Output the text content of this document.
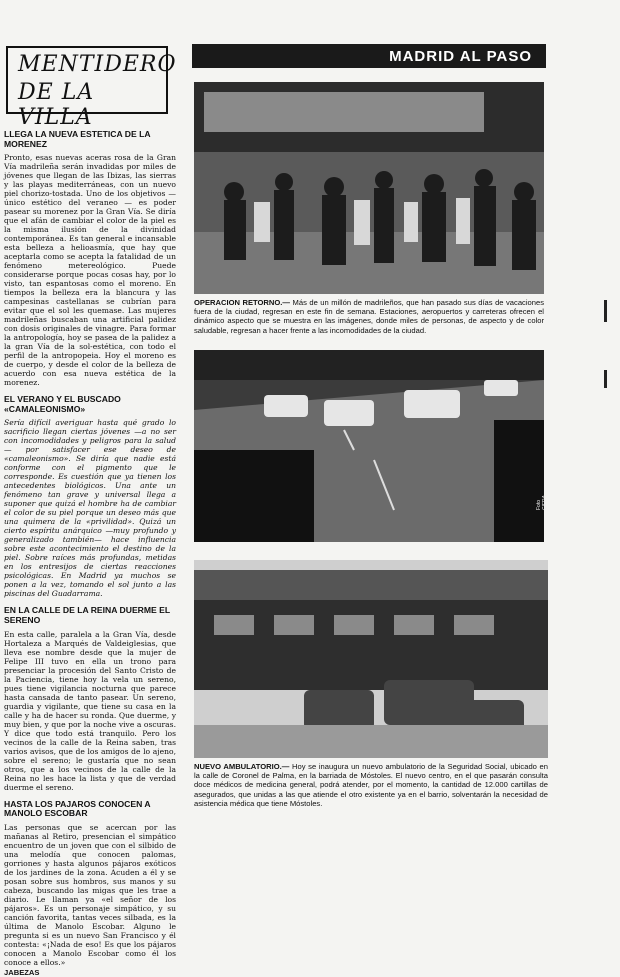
MENTIDERO
DE LA VILLA
LLEGA LA NUEVA ESTETICA DE LA MORENEZ

Pronto, esas nuevas aceras rosa de la Gran Vía madrileña serán invadidas por miles de jóvenes que llegan de las Ibizas, las sierras y las playas mediterráneas, con un nuevo piel chorizo-tostada. Uno de los objetivos — único estético del veraneo — es poder pasear su morenez por la Gran Vía. Se diría que el afán de cambiar el color de la piel es la misma ilusión de la divinidad contemporánea. Es tan general e incansable esta belleza a helioasmía, que hay que aceptarla como se acepta la fatalidad de un fenómeno metereológico. Puede considerarse porque pocas cosas hay, por lo visto, tan espantosas como el moreno. En tiempos la belleza era la blancura y las campesinas castellanas se cubrían para evitar que el sol les quemase. Las mujeres madrileñas buscaban una artificial palidez con dosis originales de vinagre. Para formar la antropología, hoy se pasea de la palidez a la gran Vía de la sol-estética, con todo el perfil de la antropopeia. Hoy el moreno es de cuerpo, y desde el color de la belleza de acuerdo con esa nueva estética de la morenez.

EL VERANO Y EL BUSCADO «CAMALEONISMO»

Sería difícil averiguar hasta qué grado lo sacrificio llegan ciertas jóvenes —a no ser con incomodidades y peligros para la salud— por satisfacer ese deseo de «camaleonismo». Se diría que nadie está conforme con el pigmento que le corresponde. Es cuestión que ya tienen los antecedentes biológicos. Una ante un fenómeno tan grave y universal llega a suponer que quizá el hombre ha de cambiar el color de su piel porque un deseo más que una quimera de la «privilidad». Quizá un cierto espíritu anárquico —muy profundo y generalizado también— hace influencia sobre este acontecimiento el destino de la piel. Sobre raíces más profundas, metidas en los entresijos de ciertas reacciones psicológicas. En Madrid ya muchos se ponen a la vez, tomando el sol junto a las piscinas del Guadarrama.

EN LA CALLE DE LA REINA DUERME EL SERENO

En esta calle, paralela a la Gran Vía, desde Hortaleza a Marqués de Valdeiglesias, que lleva ese nombre desde que la mujer de Felipe III tuvo en ella un trono para presenciar la procesión del Santo Cristo de la Paciencia, tiene hoy la vela un sereno, pues tiene vigilancia nocturna que parece hasta cansada de tanto pasear. Un sereno, guardia y vigilante, que tiene su casa en la calle y ha de hacer su ronda. Que duerme, y muy bien, y que por la noche vive a oscuras. Y dice que todo está tranquilo. Pero los vecinos de la calle de la Reina saben, tras varios avisos, que de los amigos de lo ajeno, sobre el sereno; le gustaría que no sean otros, que a los vecinos de la calle de la Reina no les hace la lista y que de verdad duerme el sereno.

HASTA LOS PAJAROS CONOCEN A MANOLO ESCOBAR

Las personas que se acercan por las mañanas al Retiro, presencian el simpático encuentro de un joven que con el silbido de una melodía que conocen palomas, gorriones y hasta algunos pájaros exóticos de los jardines de la zona. Acuden a él y se posan sobre sus hombros, sus manos y su cabeza, buscando las migas que les trae a diario. Le llaman ya «el señor de los pájaros». Es un personaje simpático, y su canción favorita, tantas veces silbada, es la última de Manolo Escobar. Alguno le pregunta si es un nuevo San Francisco y él contesta: «¡Nada de eso! Es que los pájaros conocen a Manolo Escobar como él los conoce a ellos.»

JABEZAS
MADRID AL PASO
OPERACION RETORNO.— Más de un millón de madrileños, que han pasado sus días de vacaciones fuera de la ciudad, regresan en este fin de semana. Estaciones, aeropuertos y carreteras ofrecen el dinámico aspecto que se muestra en las imágenes, donde miles de personas, de aspecto y de color saludable, regresan a hacer frente a las incomodidades de la ciudad.
Foto CIFRA
NUEVO AMBULATORIO.— Hoy se inaugura un nuevo ambulatorio de la Seguridad Social, ubicado en la calle de Coronel de Palma, en la barriada de Móstoles. El nuevo centro, en el que pasarán consulta doce médicos de medicina general, podrá atender, por el momento, la cantidad de 12.000 cartillas de asegurados, que unidas a las que atiende el otro existente ya en el barrio, solventarán la necesidad de asistencia médica que tiene Móstoles.
